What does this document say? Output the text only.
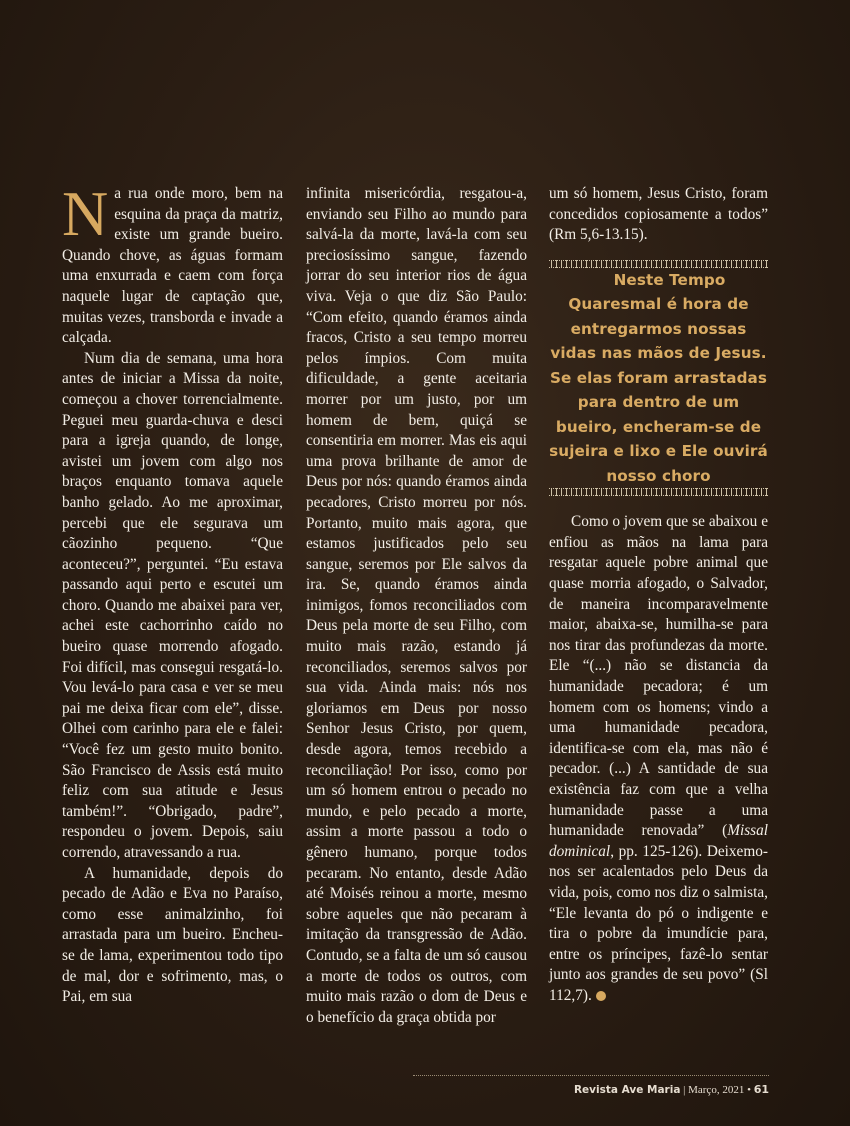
Na rua onde moro, bem na esquina da praça da matriz, existe um grande bueiro. Quando chove, as águas formam uma enxurrada e caem com força naquele lugar de captação que, muitas vezes, transborda e invade a calçada.

Num dia de semana, uma hora antes de iniciar a Missa da noite, começou a chover torrencialmente. Peguei meu guarda-chuva e desci para a igreja quando, de longe, avistei um jovem com algo nos braços enquanto tomava aquele banho gelado. Ao me aproximar, percebi que ele segurava um cãozinho pequeno. “Que aconteceu?”, perguntei. “Eu estava passando aqui perto e escutei um choro. Quando me abaixei para ver, achei este cachorrinho caído no bueiro quase morrendo afogado. Foi difícil, mas consegui resgatá-lo. Vou levá-lo para casa e ver se meu pai me deixa ficar com ele”, disse. Olhei com carinho para ele e falei: “Você fez um gesto muito bonito. São Francisco de Assis está muito feliz com sua atitude e Jesus também!”. “Obrigado, padre”, respondeu o jovem. Depois, saiu correndo, atravessando a rua.

A humanidade, depois do pecado de Adão e Eva no Paraíso, como esse animalzinho, foi arrastada para um bueiro. Encheu-se de lama, experimentou todo tipo de mal, dor e sofrimento, mas, o Pai, em sua

infinita misericórdia, resgatou-a, enviando seu Filho ao mundo para salvá-la da morte, lavá-la com seu preciosíssimo sangue, fazendo jorrar do seu interior rios de água viva. Veja o que diz São Paulo: “Com efeito, quando éramos ainda fracos, Cristo a seu tempo morreu pelos ímpios. Com muita dificuldade, a gente aceitaria morrer por um justo, por um homem de bem, quiçá se consentiria em morrer. Mas eis aqui uma prova brilhante de amor de Deus por nós: quando éramos ainda pecadores, Cristo morreu por nós. Portanto, muito mais agora, que estamos justificados pelo seu sangue, seremos por Ele salvos da ira. Se, quando éramos ainda inimigos, fomos reconciliados com Deus pela morte de seu Filho, com muito mais razão, estando já reconciliados, seremos salvos por sua vida. Ainda mais: nós nos gloriamos em Deus por nosso Senhor Jesus Cristo, por quem, desde agora, temos recebido a reconciliação! Por isso, como por um só homem entrou o pecado no mundo, e pelo pecado a morte, assim a morte passou a todo o gênero humano, porque todos pecaram. No entanto, desde Adão até Moisés reinou a morte, mesmo sobre aqueles que não pecaram à imitação da transgressão de Adão. Contudo, se a falta de um só causou a morte de todos os outros, com muito mais razão o dom de Deus e o benefício da graça obtida por

um só homem, Jesus Cristo, foram concedidos copiosamente a todos” (Rm 5,6-13.15).

Neste Tempo Quaresmal é hora de entregarmos nossas vidas nas mãos de Jesus. Se elas foram arrastadas para dentro de um bueiro, encheram-se de sujeira e lixo e Ele ouvirá nosso choro

Como o jovem que se abaixou e enfiou as mãos na lama para resgatar aquele pobre animal que quase morria afogado, o Salvador, de maneira incomparavelmente maior, abaixa-se, humilha-se para nos tirar das profundezas da morte. Ele “(...) não se distancia da humanidade pecadora; é um homem com os homens; vindo a uma humanidade pecadora, identifica-se com ela, mas não é pecador. (...) A santidade de sua existência faz com que a velha humanidade passe a uma humanidade renovada” (Missal dominical, pp. 125-126). Deixemo-nos ser acalentados pelo Deus da vida, pois, como nos diz o salmista, “Ele levanta do pó o indigente e tira o pobre da imundície para, entre os príncipes, fazê-lo sentar junto aos grandes de seu povo” (Sl 112,7).

Revista Ave Maria | Março, 2021 • 61
